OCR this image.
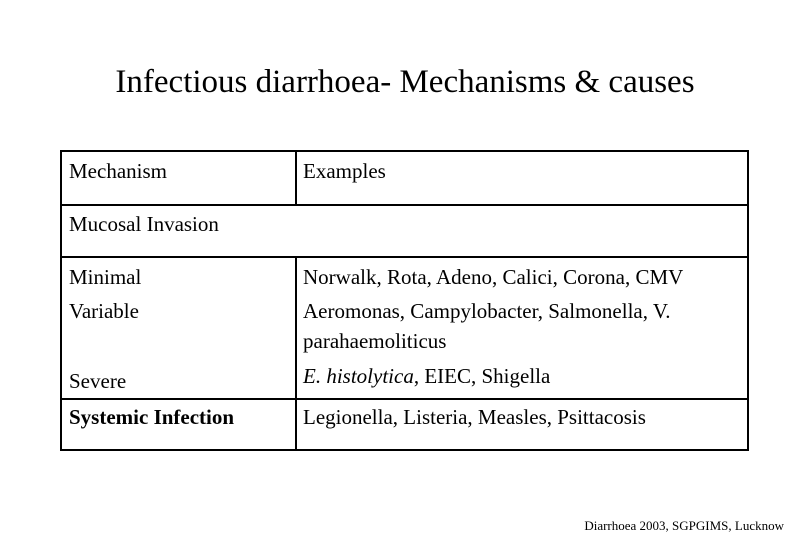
Infectious diarrhoea- Mechanisms & causes
Mechanism	Examples
Mucosal Invasion
Minimal	Norwalk, Rota, Adeno, Calici, Corona, CMV
Variable	Aeromonas, Campylobacter, Salmonella, V.
parahaemoliticus
Severe	E. histolytica, EIEC, Shigella
Systemic Infection	Legionella, Listeria, Measles, Psittacosis
Diarrhoea 2003, SGPGIMS, Lucknow
